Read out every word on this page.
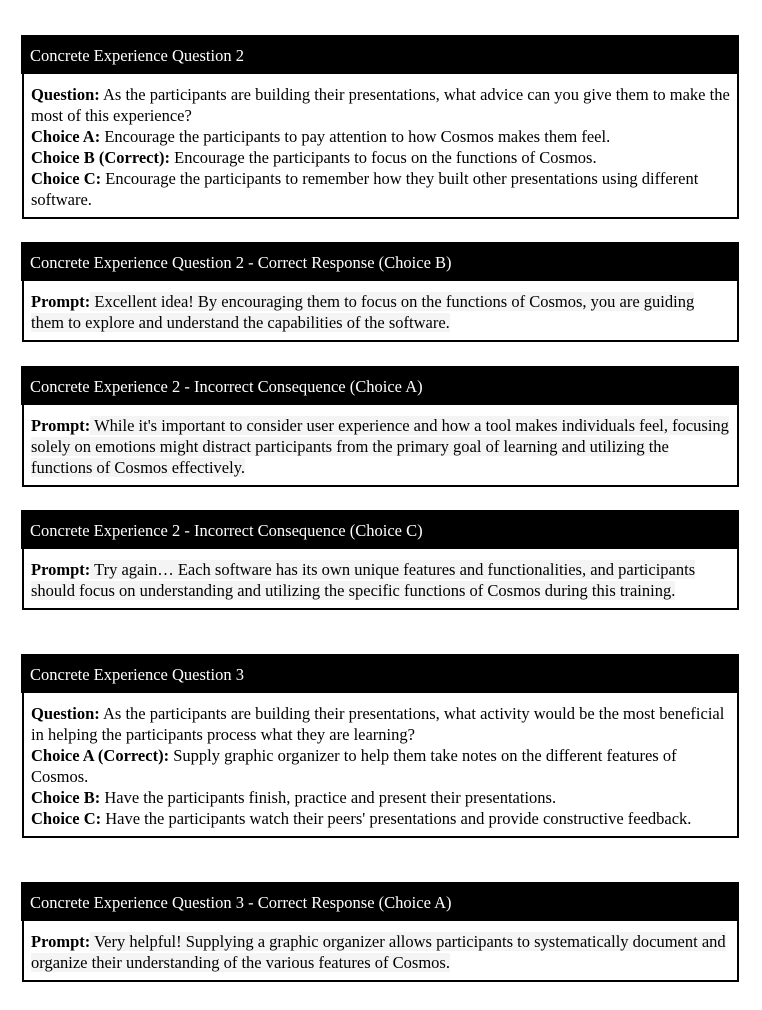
Concrete Experience Question 2
Question: As the participants are building their presentations, what advice can you give them to make the most of this experience?
Choice A: Encourage the participants to pay attention to how Cosmos makes them feel.
Choice B (Correct): Encourage the participants to focus on the functions of Cosmos.
Choice C: Encourage the participants to remember how they built other presentations using different software.
Concrete Experience Question 2 - Correct Response (Choice B)
Prompt: Excellent idea! By encouraging them to focus on the functions of Cosmos, you are guiding them to explore and understand the capabilities of the software.
Concrete Experience 2 - Incorrect Consequence (Choice A)
Prompt: While it's important to consider user experience and how a tool makes individuals feel, focusing solely on emotions might distract participants from the primary goal of learning and utilizing the functions of Cosmos effectively.
Concrete Experience 2 - Incorrect Consequence (Choice C)
Prompt: Try again… Each software has its own unique features and functionalities, and participants should focus on understanding and utilizing the specific functions of Cosmos during this training.
Concrete Experience Question 3
Question: As the participants are building their presentations, what activity would be the most beneficial in helping the participants process what they are learning?
Choice A (Correct): Supply graphic organizer to help them take notes on the different features of Cosmos.
Choice B: Have the participants finish, practice and present their presentations.
Choice C: Have the participants watch their peers' presentations and provide constructive feedback.
Concrete Experience Question 3 - Correct Response (Choice A)
Prompt: Very helpful! Supplying a graphic organizer allows participants to systematically document and organize their understanding of the various features of Cosmos.
